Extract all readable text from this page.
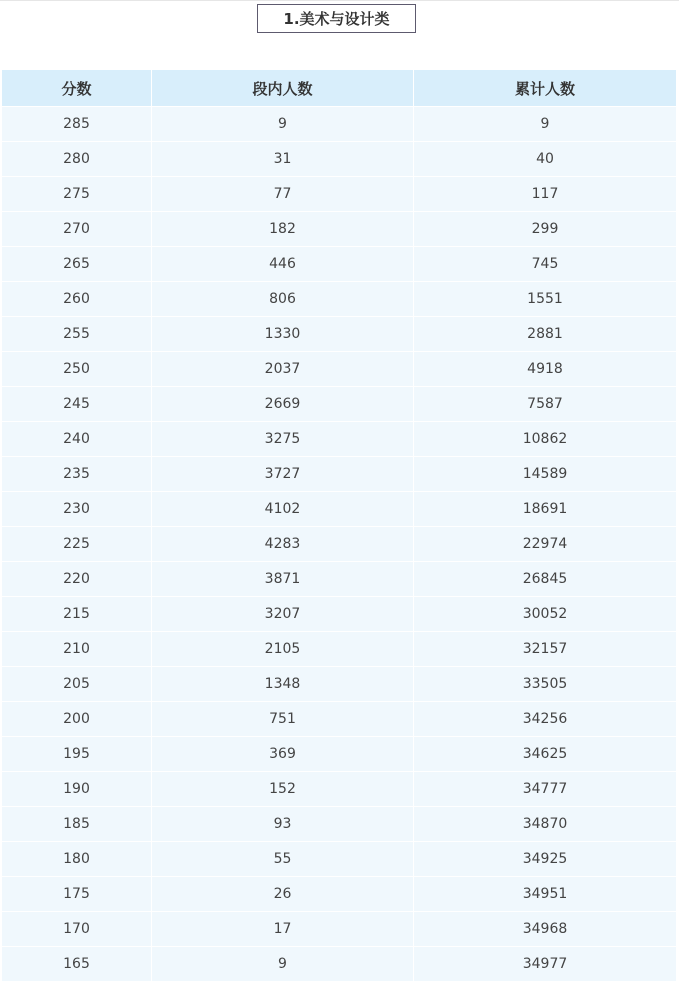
1.美术与设计类
分数	段内人数	累计人数
285	9	9
280	31	40
275	77	117
270	182	299
265	446	745
260	806	1551
255	1330	2881
250	2037	4918
245	2669	7587
240	3275	10862
235	3727	14589
230	4102	18691
225	4283	22974
220	3871	26845
215	3207	30052
210	2105	32157
205	1348	33505
200	751	34256
195	369	34625
190	152	34777
185	93	34870
180	55	34925
175	26	34951
170	17	34968
165	9	34977
